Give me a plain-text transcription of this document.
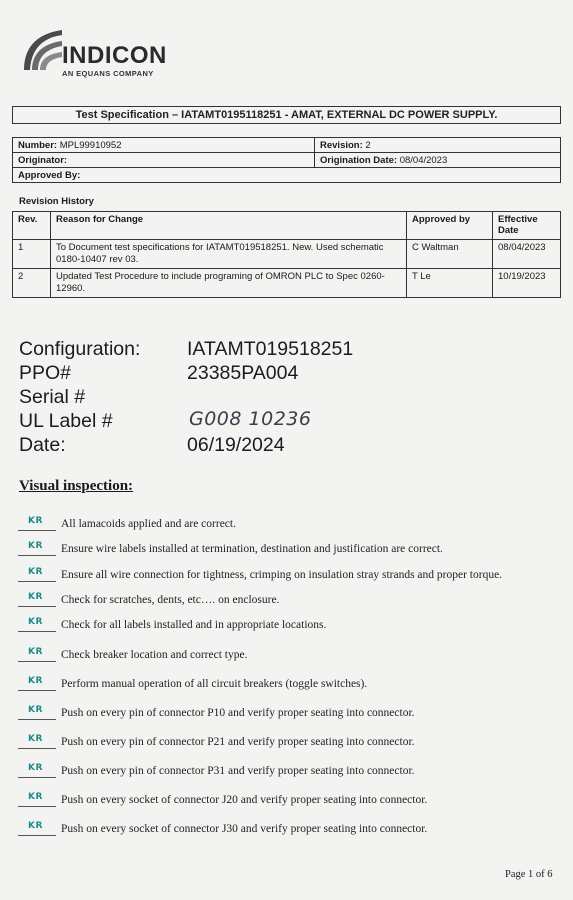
INDICON
AN EQUANS COMPANY
Test Specification – IATAMT0195118251 - AMAT, EXTERNAL DC POWER SUPPLY.
Number: MPL99910952	Revision: 2
Originator:	Origination Date: 08/04/2023
Approved By:	
Revision History
Rev.	Reason for Change	Approved by	Effective Date
1	To Document test specifications for IATAMT019518251. New. Used schematic 0180-10407 rev 03.	C Waltman	08/04/2023
2	Updated Test Procedure to include programing of OMRON PLC to Spec 0260-12960.	T Le	10/19/2023
Configuration: IATAMT019518251
PPO#	23385PA004
Serial #
UL Label #	G008 10236
Date:	06/19/2024
Visual inspection:
KR All lamacoids applied and are correct.
KR Ensure wire labels installed at termination, destination and justification are correct.
KR Ensure all wire connection for tightness, crimping on insulation stray strands and proper torque.
KR Check for scratches, dents, etc…. on enclosure.
KR Check for all labels installed and in appropriate locations.
KR Check breaker location and correct type.
KR Perform manual operation of all circuit breakers (toggle switches).
KR Push on every pin of connector P10 and verify proper seating into connector.
KR Push on every pin of connector P21 and verify proper seating into connector.
KR Push on every pin of connector P31 and verify proper seating into connector.
KR Push on every socket of connector J20 and verify proper seating into connector.
KR Push on every socket of connector J30 and verify proper seating into connector.
Page 1 of 6
